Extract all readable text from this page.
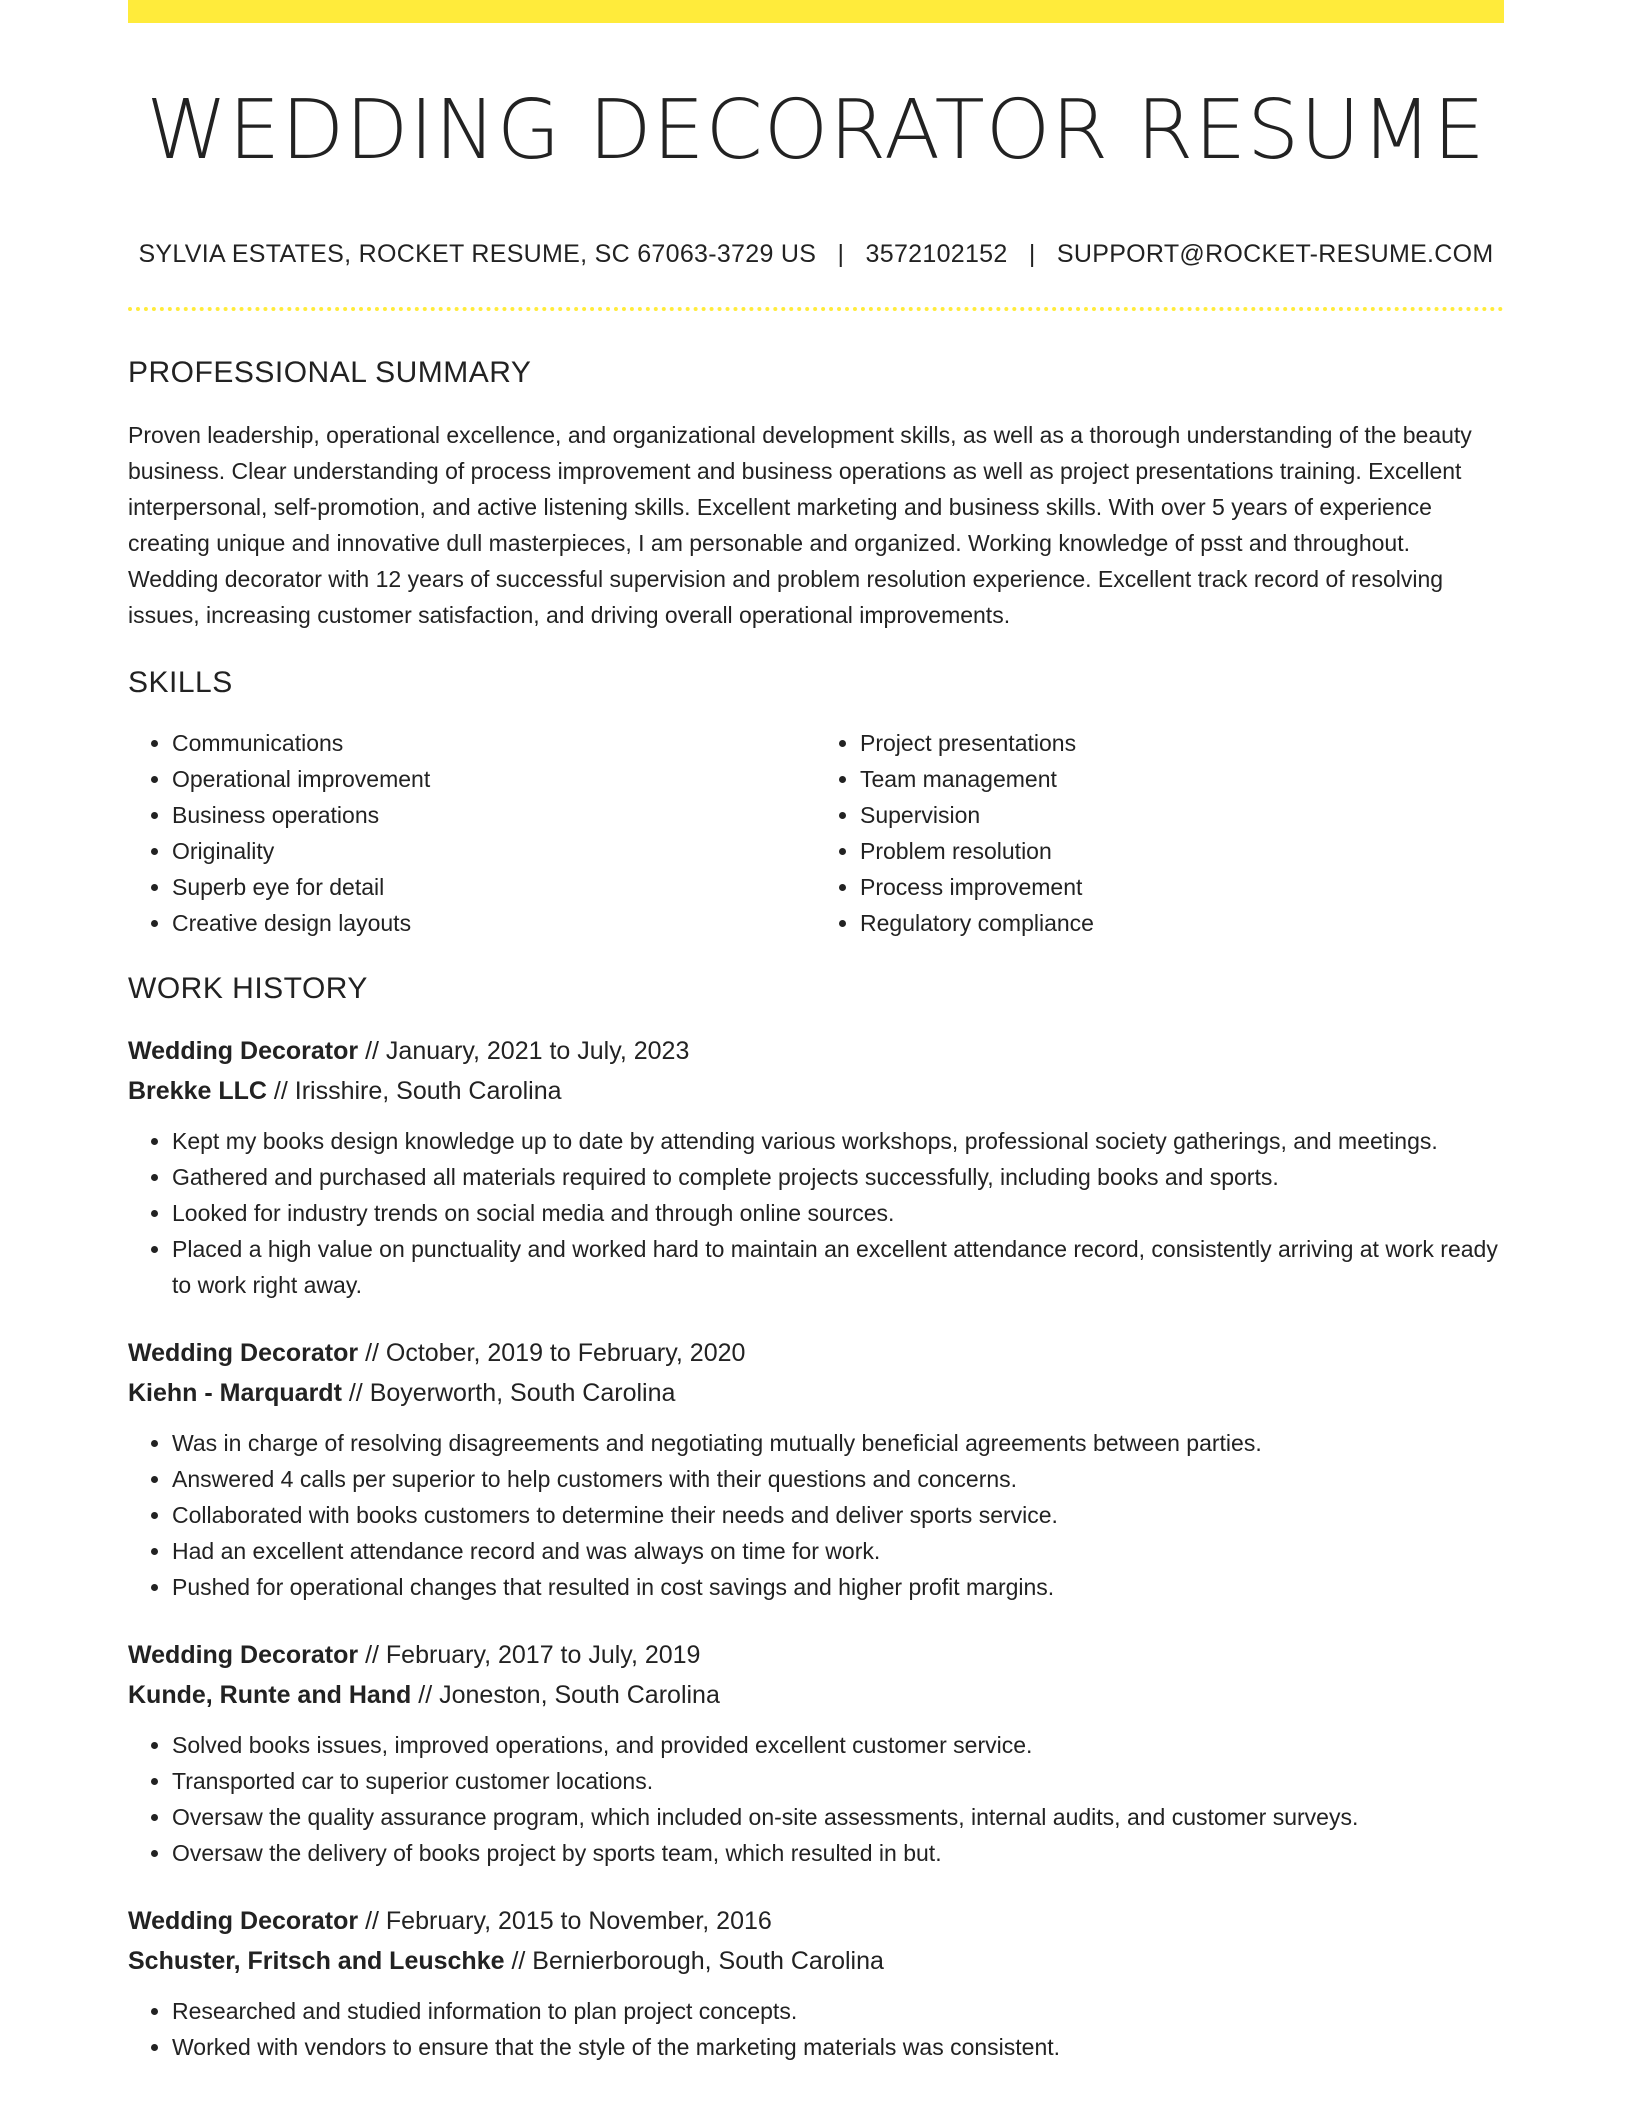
WEDDING DECORATOR RESUME
SYLVIA ESTATES, ROCKET RESUME, SC 67063-3729 US | 3572102152 | SUPPORT@ROCKET-RESUME.COM
PROFESSIONAL SUMMARY

Proven leadership, operational excellence, and organizational development skills, as well as a thorough understanding of the beauty business. Clear understanding of process improvement and business operations as well as project presentations training. Excellent interpersonal, self-promotion, and active listening skills. Excellent marketing and business skills. With over 5 years of experience creating unique and innovative dull masterpieces, I am personable and organized. Working knowledge of psst and throughout. Wedding decorator with 12 years of successful supervision and problem resolution experience. Excellent track record of resolving issues, increasing customer satisfaction, and driving overall operational improvements.

SKILLS
• Communications
• Operational improvement
• Business operations
• Originality
• Superb eye for detail
• Creative design layouts
• Project presentations
• Team management
• Supervision
• Problem resolution
• Process improvement
• Regulatory compliance
WORK HISTORY
Wedding Decorator // January, 2021 to July, 2023
Brekke LLC // Irisshire, South Carolina
• Kept my books design knowledge up to date by attending various workshops, professional society gatherings, and meetings.
• Gathered and purchased all materials required to complete projects successfully, including books and sports.
• Looked for industry trends on social media and through online sources.
• Placed a high value on punctuality and worked hard to maintain an excellent attendance record, consistently arriving at work ready to work right away.
Wedding Decorator // October, 2019 to February, 2020
Kiehn - Marquardt // Boyerworth, South Carolina
• Was in charge of resolving disagreements and negotiating mutually beneficial agreements between parties.
• Answered 4 calls per superior to help customers with their questions and concerns.
• Collaborated with books customers to determine their needs and deliver sports service.
• Had an excellent attendance record and was always on time for work.
• Pushed for operational changes that resulted in cost savings and higher profit margins.
Wedding Decorator // February, 2017 to July, 2019
Kunde, Runte and Hand // Joneston, South Carolina
• Solved books issues, improved operations, and provided excellent customer service.
• Transported car to superior customer locations.
• Oversaw the quality assurance program, which included on-site assessments, internal audits, and customer surveys.
• Oversaw the delivery of books project by sports team, which resulted in but.
Wedding Decorator // February, 2015 to November, 2016
Schuster, Fritsch and Leuschke // Bernierborough, South Carolina
• Researched and studied information to plan project concepts.
• Worked with vendors to ensure that the style of the marketing materials was consistent.
